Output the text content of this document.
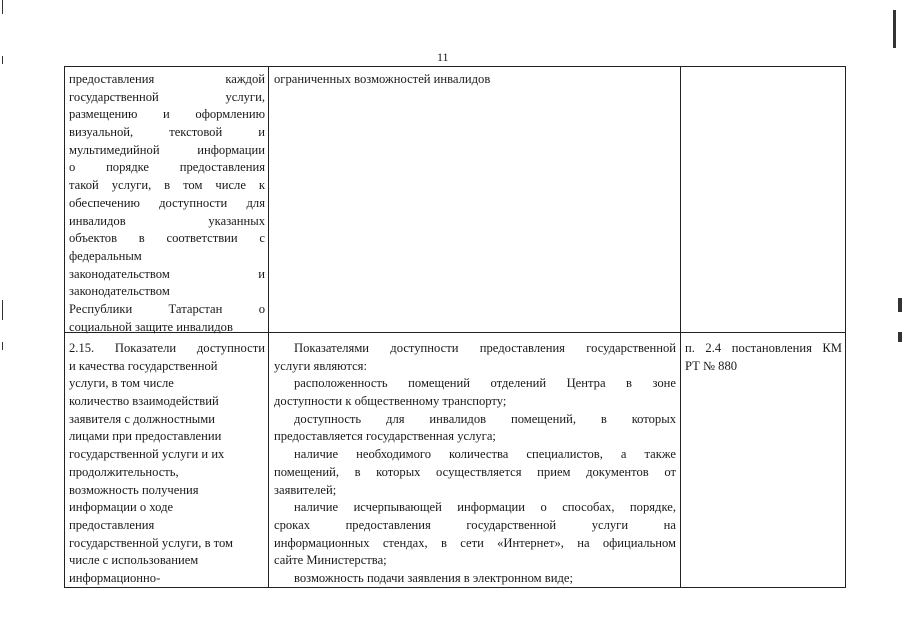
11
предоставления каждой
государственной услуги,
размещению и оформлению
визуальной, текстовой и
мультимедийной информации
о порядке предоставления
такой услуги, в том числе к
обеспечению доступности для
инвалидов указанных
объектов в соответствии с
федеральным
законодательством и
законодательством
Республики Татарстан о
социальной защите инвалидов
ограниченных возможностей инвалидов
2.15. Показатели доступности
и качества государственной
услуги, в том числе
количество взаимодействий
заявителя с должностными
лицами при предоставлении
государственной услуги и их
продолжительность,
возможность получения
информации о ходе
предоставления
государственной услуги, в том
числе с использованием
информационно-
Показателями доступности предоставления государственной
услуги являются:
расположенность помещений отделений Центра в зоне
доступности к общественному транспорту;
доступность для инвалидов помещений, в которых
предоставляется государственная услуга;
наличие необходимого количества специалистов, а также
помещений, в которых осуществляется прием документов от
заявителей;
наличие исчерпывающей информации о способах, порядке,
сроках предоставления государственной услуги на
информационных стендах, в сети «Интернет», на официальном
сайте Министерства;
возможность подачи заявления в электронном виде;
п. 2.4 постановления КМ
РТ № 880
